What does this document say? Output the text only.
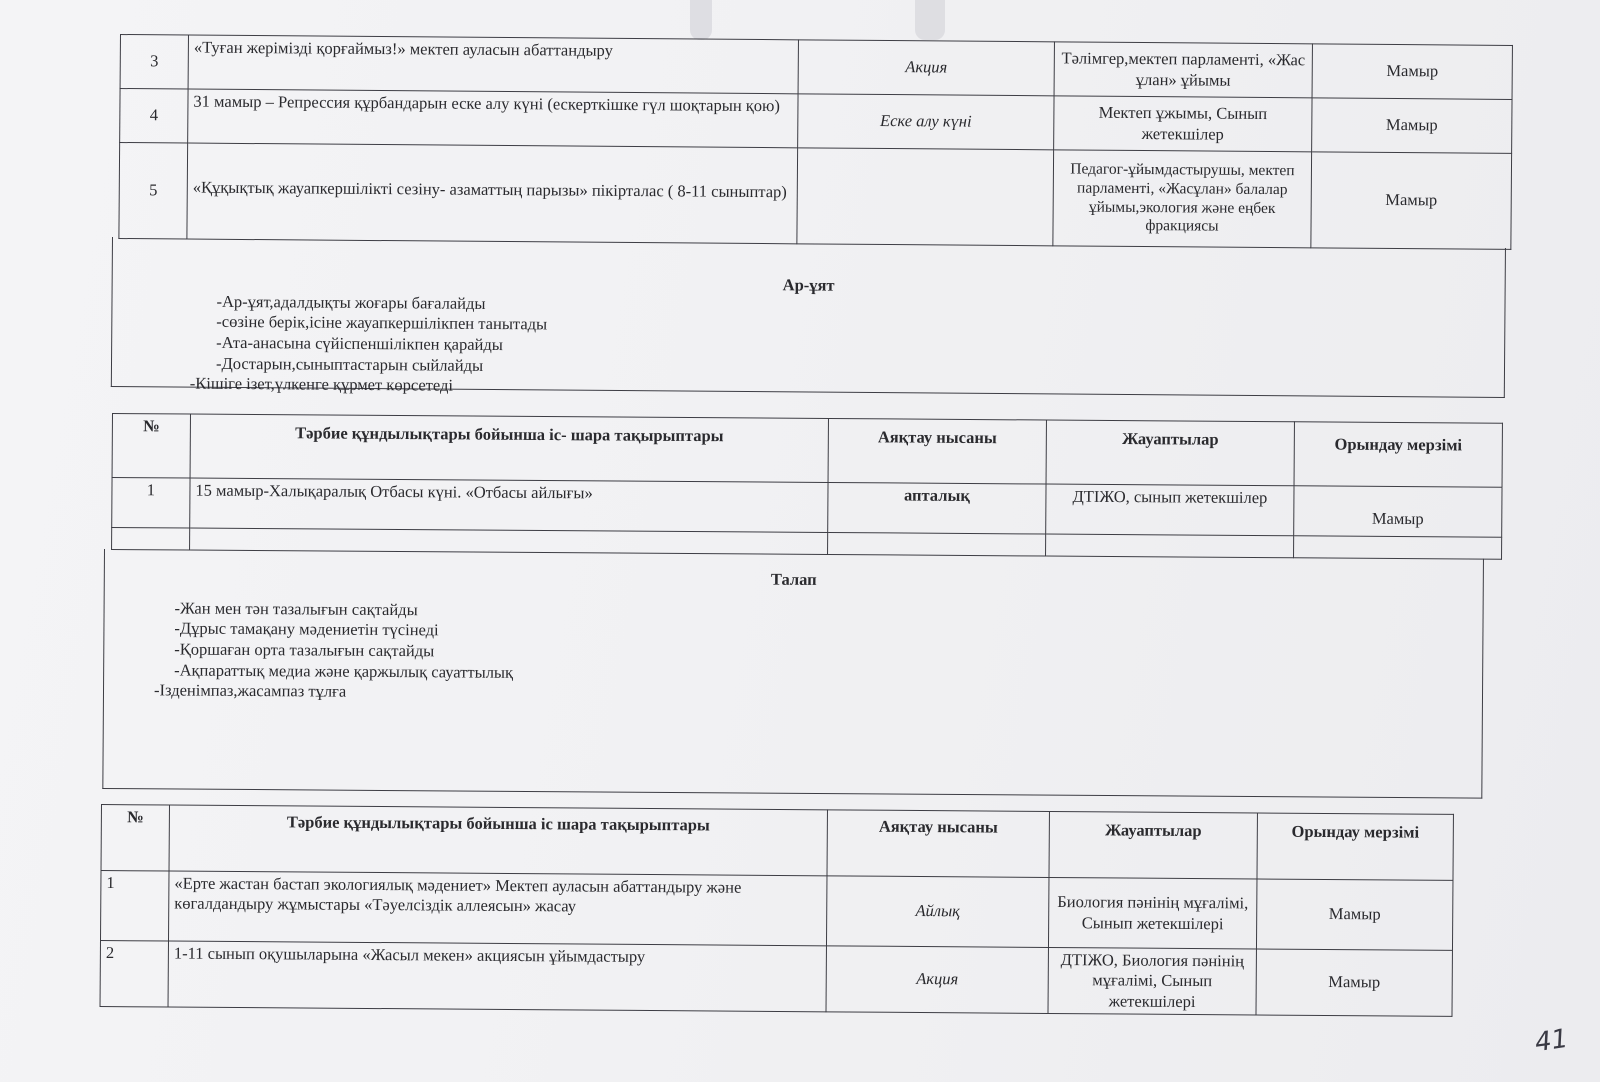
3	«Туған жерімізді қорғаймыз!» мектеп ауласын абаттандыру	Акция	Тәлімгер,мектеп парламенті, «Жас ұлан» ұйымы	Мамыр
4	31 мамыр – Репрессия құрбандарын еске алу күні (ескерткішке гүл шоқтарын қою)	Еске алу күні	Мектеп ұжымы, Сынып жетекшілер	Мамыр
5	«Құқықтық жауапкершілікті сезіну- азаматтың парызы» пікірталас ( 8-11 сыныптар)		Педагог-ұйымдастырушы, мектеп парламенті, «Жасұлан» балалар ұйымы,экология және еңбек фракциясы	Мамыр
Ар-ұят
-Ар-ұят,адалдықты жоғары бағалайды
-сөзіне берік,ісіне жауапкершілікпен танытады
-Ата-анасына сүйіспеншілікпен қарайды
-Достарын,сыныптастарын сыйлайды
-Кішіге ізет,үлкенге құрмет көрсетеді
№	Тәрбие құндылықтары бойынша іс- шара тақырыптары	Аяқтау нысаны	Жауаптылар	Орындау мерзімі
1	15 мамыр-Халықаралық Отбасы күні. «Отбасы айлығы»	апталық	ДТІЖО, сынып жетекшілер	Мамыр

Талап
-Жан мен тән тазалығын сақтайды
-Дұрыс тамақану мәдениетін түсінеді
-Қоршаған орта тазалығын сақтайды
-Ақпараттық медиа және қаржылық сауаттылық
-Ізденімпаз,жасампаз тұлға
№	Тәрбие құндылықтары бойынша іс шара тақырыптары	Аяқтау нысаны	Жауаптылар	Орындау мерзімі
1	«Ерте жастан бастап экологиялық мәдениет» Мектеп ауласын абаттандыру және көгалдандыру жұмыстары «Тәуелсіздік аллеясын» жасау	Айлық	Биология пәнінің мұғалімі, Сынып жетекшілері	Мамыр
2	1-11 сынып оқушыларына «Жасыл мекен» акциясын ұйымдастыру	Акция	ДТІЖО, Биология пәнінің мұғалімі, Сынып жетекшілері	Мамыр
41
